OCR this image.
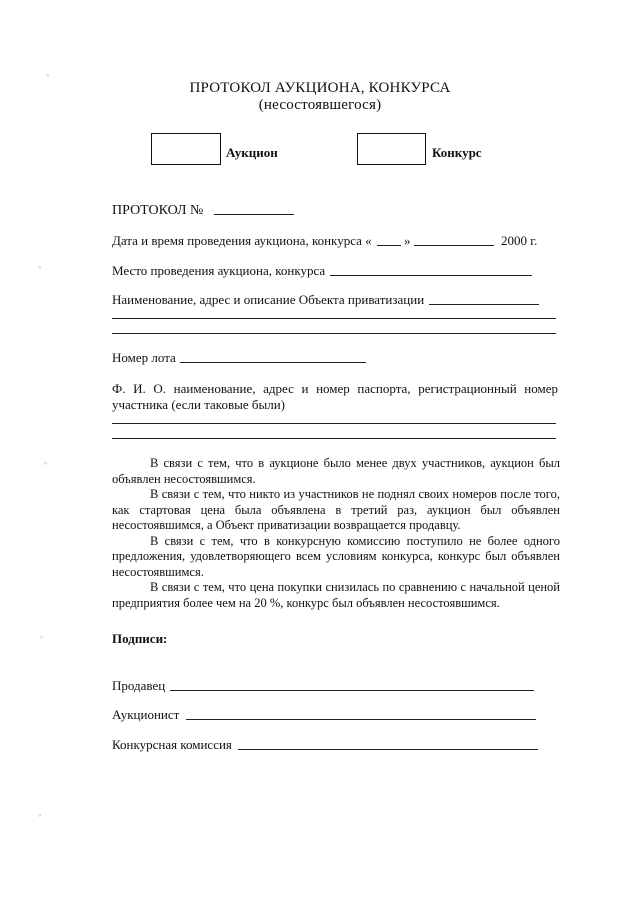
◦
◦
◦
◦
◦
ПРОТОКОЛ АУКЦИОНА, КОНКУРСА
(несостоявшегося)
Аукцион	Конкурс
ПРОТОКОЛ №
Дата и время проведения аукциона, конкурса « »	2000 г.
Место проведения аукциона, конкурса
Наименование, адрес и описание Объекта приватизации
Номер лота
Ф. И. О. наименование, адрес и номер паспорта, регистрационный номер участника (если таковые были)

В связи с тем, что в аукционе было менее двух участников, аукцион был объявлен несостоявшимся.

В связи с тем, что никто из участников не поднял своих номеров после того, как стартовая цена была объявлена в третий раз, аукцион был объявлен несостоявшимся, а Объект приватизации возвращается продавцу.

В связи с тем, что в конкурсную комиссию поступило не более одного предложения, удовлетворяющего всем условиям конкурса, конкурс был объявлен несостоявшимся.

В связи с тем, что цена покупки снизилась по сравнению с начальной ценой предприятия более чем на 20 %, конкурс был объявлен несостоявшимся.

Подписи:
Продавец
Аукционист
Конкурсная комиссия
